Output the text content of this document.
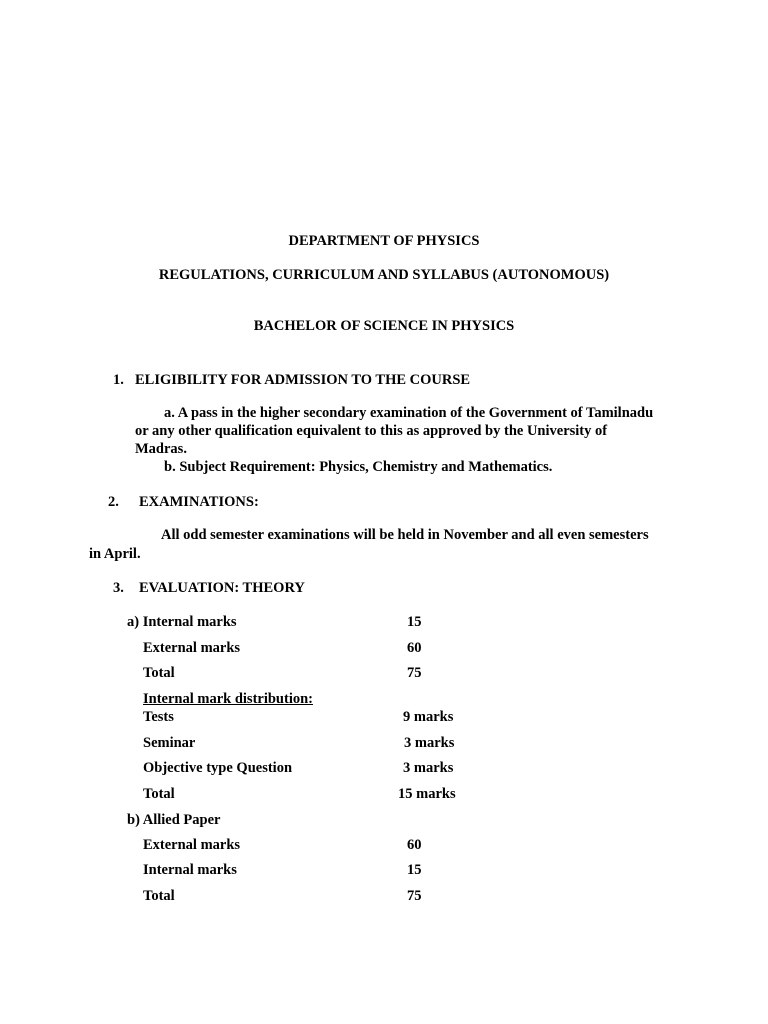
DEPARTMENT OF PHYSICS
REGULATIONS, CURRICULUM AND SYLLABUS (AUTONOMOUS)
BACHELOR OF SCIENCE IN PHYSICS
1. ELIGIBILITY FOR ADMISSION TO THE COURSE
a. A pass in the higher secondary examination of the Government of Tamilnadu
or any other qualification equivalent to this as approved by the University of
Madras.
b. Subject Requirement: Physics, Chemistry and Mathematics.
2. EXAMINATIONS:
All odd semester examinations will be held in November and all even semesters
in April.
3. EVALUATION: THEORY
a) Internal marks	15
External marks	60
Total	75
Internal mark distribution:
Tests	9 marks
Seminar	3 marks
Objective type Question	3 marks
Total	15 marks
b) Allied Paper
External marks	60
Internal marks	15
Total	75
